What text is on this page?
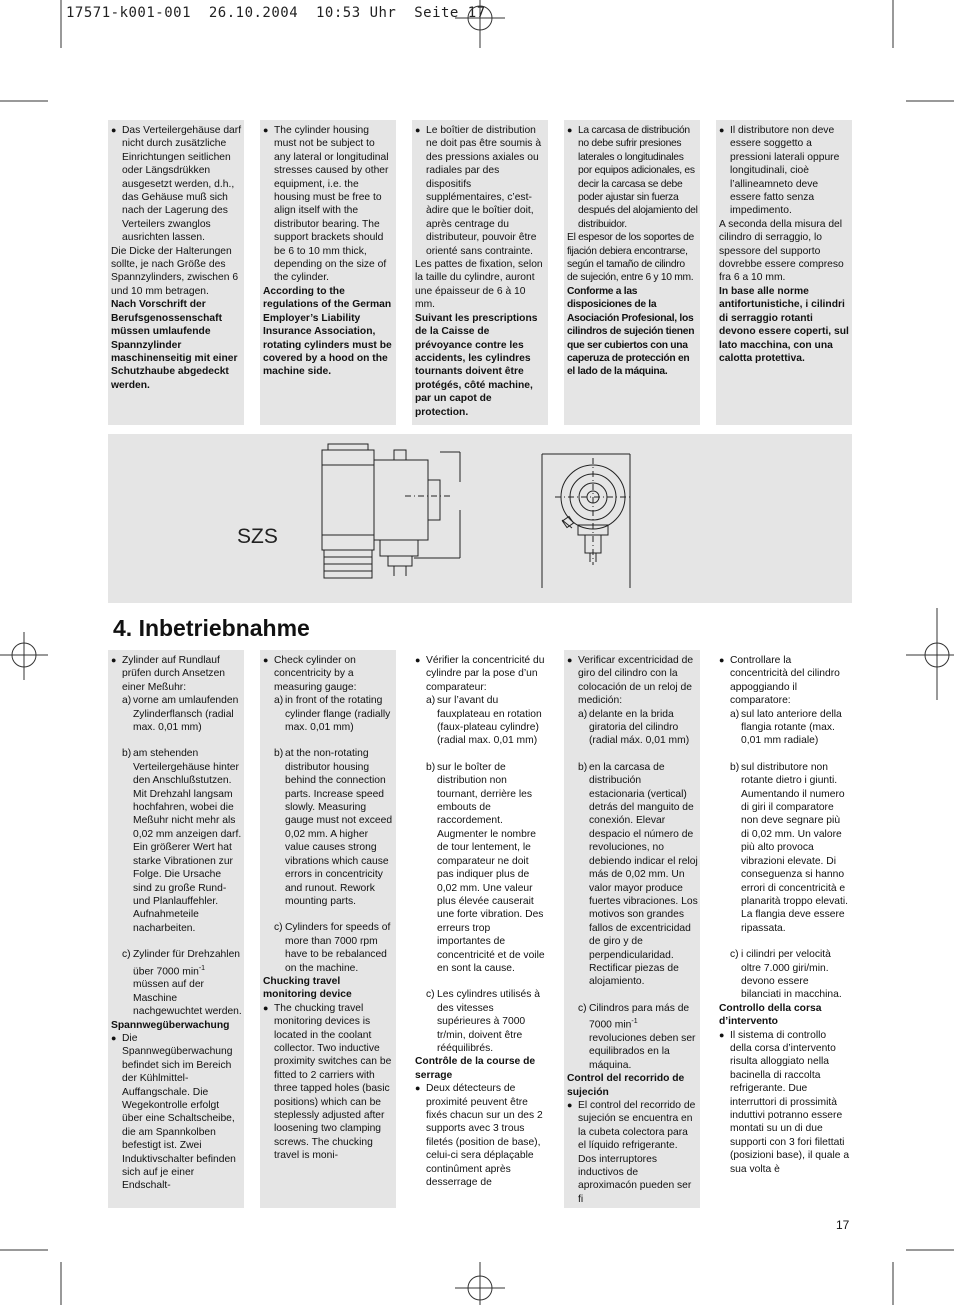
17571-k001-001  26.10.2004  10:53 Uhr  Seite 17

● Das Verteilergehäuse darf nicht durch zusätzliche Einrichtungen seitlichen oder Längsdrükken ausgesetzt werden, d.h., das Gehäuse muß sich nach der Lagerung des Verteilers zwanglos ausrichten lassen.

Die Dicke der Halterungen sollte, je nach Größe des Spannzylinders, zwischen 6 und 10 mm betragen.

Nach Vorschrift der Berufsgenossenschaft müssen umlaufende Spannzylinder maschinenseitig mit einer Schutzhaube abgedeckt werden.

● The cylinder housing must not be subject to any lateral or longitudinal stresses caused by other equipment, i.e. the housing must be free to align itself with the distributor bearing. The support brackets should be 6 to 10 mm thick, depending on the size of the cylinder.

According to the regulations of the German Employer’s Liability Insurance Association, rotating cylinders must be covered by a hood on the machine side.

● Le boîtier de distribution ne doit pas être soumis à des pressions axiales ou radiales par des dispositifs supplémentaires, c’est-àdire que le boîtier doit, après centrage du distributeur, pouvoir être orienté sans contrainte.

Les pattes de fixation, selon la taille du cylindre, auront une épaisseur de 6 à 10 mm.

Suivant les prescriptions de la Caisse de prévoyance contre les accidents, les cylindres tournants doivent être protégés, côté machine, par un capot de protection.

● La carcasa de distribución no debe sufrir presiones laterales o longitudinales por equipos adicionales, es decir la carcasa se debe poder ajustar sin fuerza después del alojamiento del distribuidor.

El espesor de los soportes de fijación debiera encontrarse, según el tamaño de cilindro de sujeción, entre 6 y 10 mm.

Conforme a las disposiciones de la Asociación Profesional, los cilindros de sujeción tienen que ser cubiertos con una caperuza de protección en el lado de la máquina.

● Il distributore non deve essere soggetto a pressioni laterali oppure longitudinali, cioè l’allineamneto deve essere fatto senza impedimento.

A seconda della misura del cilindro di serraggio, lo spessore del supporto dovrebbe essere compreso fra 6 a 10 mm.

In base alle norme antifortunistiche, i cilindri di serraggio rotanti devono essere coperti, sul lato macchina, con una calotta protettiva.

SZS
4. Inbetriebnahme

● Zylinder auf Rundlauf prüfen durch Ansetzen einer Meßuhr:

a) vorne am umlaufenden Zylinderflansch (radial max. 0,01 mm)

b) am stehenden Verteilergehäuse hinter den Anschlußstutzen. Mit Drehzahl langsam hochfahren, wobei die Meßuhr nicht mehr als 0,02 mm anzeigen darf. Ein größerer Wert hat starke Vibrationen zur Folge. Die Ursache sind zu große Rund- und Planlauffehler. Aufnahmeteile nacharbeiten.

c) Zylinder für Drehzahlen über 7000 $\min^{-1}$ müssen auf der Maschine nachgewuchtet werden.

Spannwegüberwachung

● Die Spannwegüberwachung befindet sich im Bereich der Kühlmittel-Auffangschale. Die Wegekontrolle erfolgt über eine Schaltscheibe, die am Spannkolben befestigt ist. Zwei Induktivschalter befinden sich auf je einer Endschalt-

● Check cylinder on concentricity by a measuring gauge:

a) in front of the rotating cylinder flange (radially max. 0,01 mm)

b) at the non-rotating distributor housing behind the connection parts. Increase speed slowly. Measuring gauge must not exceed 0,02 mm. A higher value causes strong vibrations which cause errors in concentricity and runout. Rework mounting parts.

c) Cylinders for speeds of more than 7000 rpm have to be rebalanced on the machine.

Chucking travel monitoring device

● The chucking travel monitoring devices is located in the coolant collector. Two inductive proximity switches can be fitted to 2 carriers with three tapped holes (basic positions) which can be steplessly adjusted after loosening two clamping screws. The chucking travel is moni-

● Vérifier la concentricité du cylindre par la pose d’un comparateur:

a) sur l’avant du fauxplateau en rotation (faux-plateau cylindre) (radial max. 0,01 mm)

b) sur le boîter de distribution non tournant, derrière les embouts de raccordement. Augmenter le nombre de tour lentement, le comparateur ne doit pas indiquer plus de 0,02 mm. Une valeur plus élevée causerait une forte vibration. Des erreurs trop importantes de concentricité et de voile en sont la cause.

c) Les cylindres utilisés à des vitesses supérieures à 7000 tr/min, doivent être rééquilibrés.

Contrôle de la course de serrage

● Deux détecteurs de proximité peuvent être fixés chacun sur un des 2 supports avec 3 trous filetés (position de base), celui-ci sera déplaçable continûment après desserrage de

● Verificar excentricidad de giro del cilindro con la colocación de un reloj de medición:

a) delante en la brida giratoria del cilindro (radial máx. 0,01 mm)

b) en la carcasa de distribución estacionaria (vertical) detrás del manguito de conexión. Elevar despacio el número de revoluciones, no debiendo indicar el reloj más de 0,02 mm. Un valor mayor produce fuertes vibraciones. Los motivos son grandes fallos de excentricidad de giro y de perpendicularidad. Rectificar piezas de alojamiento.

c) Cilindros para más de 7000 $\min^{-1}$ revoluciones deben ser equilibrados en la máquina.

Control del recorrido de sujeción

● El control del recorrido de sujeción se encuentra en la cubeta colectora para el líquido refrigerante. Dos interruptores inductivos de aproximacón pueden ser fi

● Controllare la concentricità del cilindro appoggiando il comparatore:

a) sul lato anteriore della flangia rotante (max. 0,01 mm radiale)

b) sul distributore non rotante dietro i giunti. Aumentando il numero di giri il comparatore non deve segnare più di 0,02 mm. Un valore più alto provoca vibrazioni elevate. Di conseguenza si hanno errori di concentricità e planarità troppo elevati. La flangia deve essere ripassata.

c) i cilindri per velocità oltre 7.000 giri/min. devono essere bilanciati in macchina.

Controllo della corsa d’intervento

● Il sistema di controllo della corsa d’intervento risulta alloggiato nella bacinella di raccolta refrigerante. Due interruttori di prossimità induttivi potranno essere montati su un di due supporti con 3 fori filettati (posizioni base), il quale a sua volta è

17
